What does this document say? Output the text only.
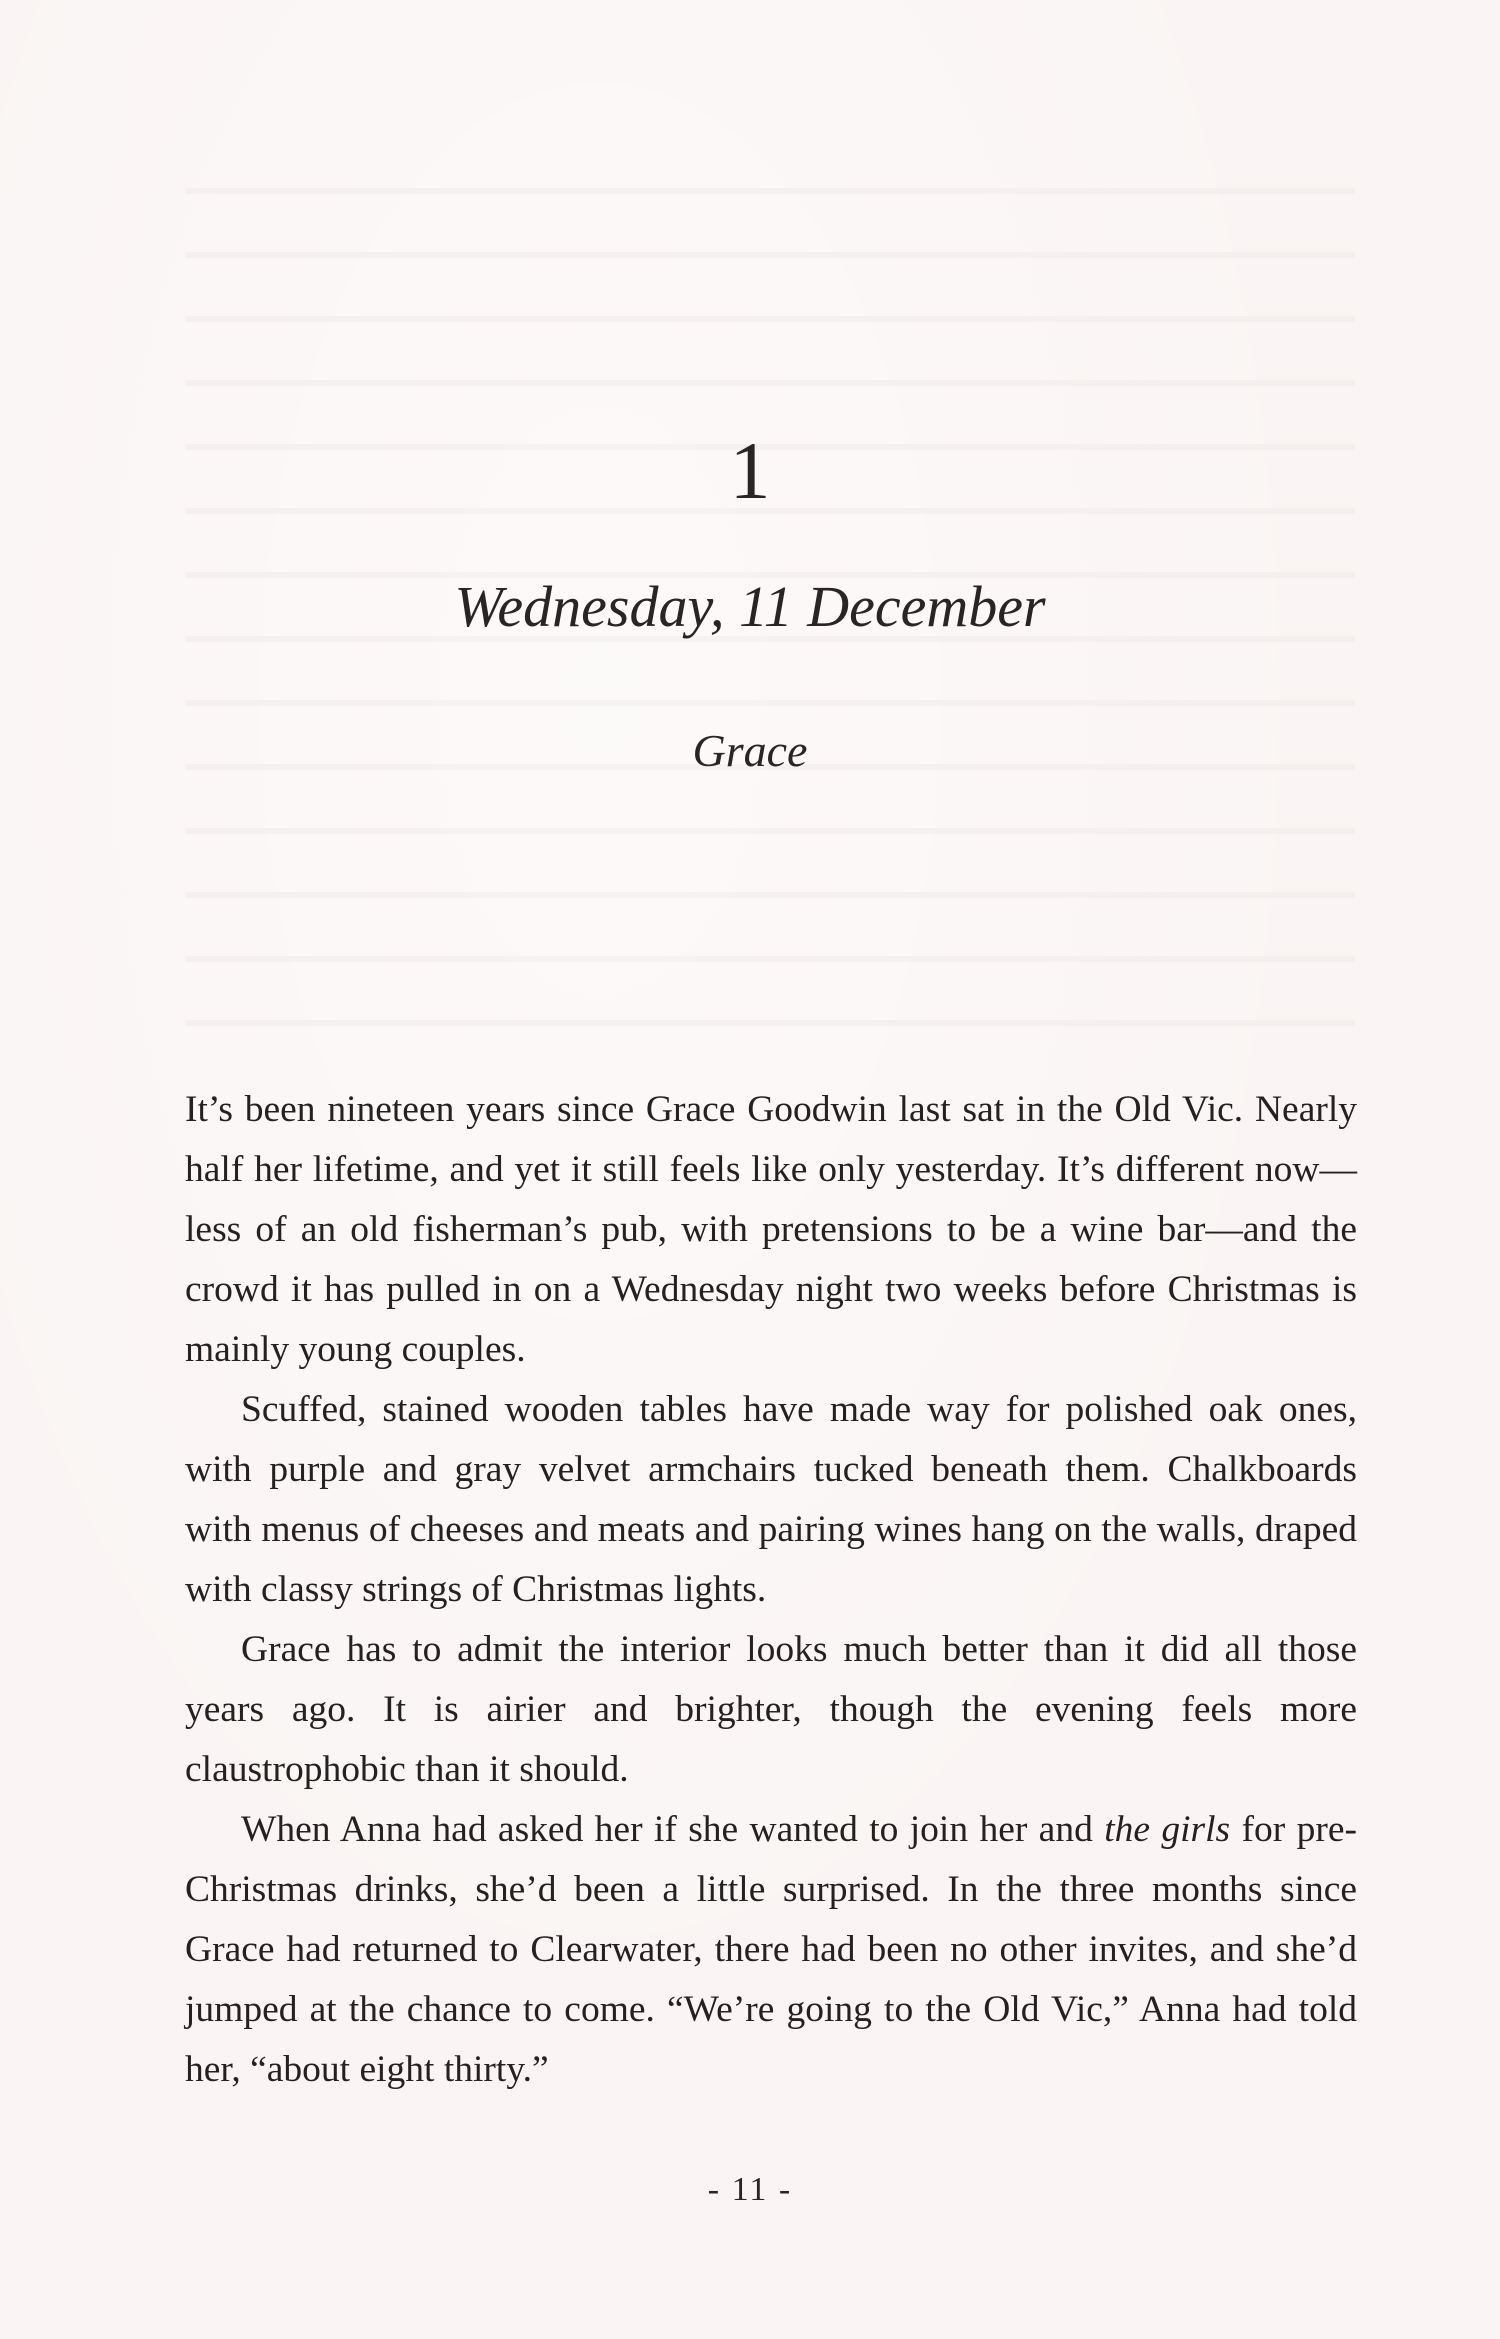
1
Wednesday, 11 December
Grace

It’s been nineteen years since Grace Goodwin last sat in the Old Vic. Nearly half her lifetime, and yet it still feels like only yesterday. It’s different now—less of an old fisherman’s pub, with pretensions to be a wine bar—and the crowd it has pulled in on a Wednesday night two weeks before Christmas is mainly young couples.

Scuffed, stained wooden tables have made way for polished oak ones, with purple and gray velvet armchairs tucked beneath them. Chalkboards with menus of cheeses and meats and pairing wines hang on the walls, draped with classy strings of Christmas lights.

Grace has to admit the interior looks much better than it did all those years ago. It is airier and brighter, though the evening feels more claustrophobic than it should.

When Anna had asked her if she wanted to join her and the girls for pre-Christmas drinks, she’d been a little surprised. In the three months since Grace had returned to Clearwater, there had been no other invites, and she’d jumped at the chance to come. “We’re going to the Old Vic,” Anna had told her, “about eight thirty.”

- 11 -
